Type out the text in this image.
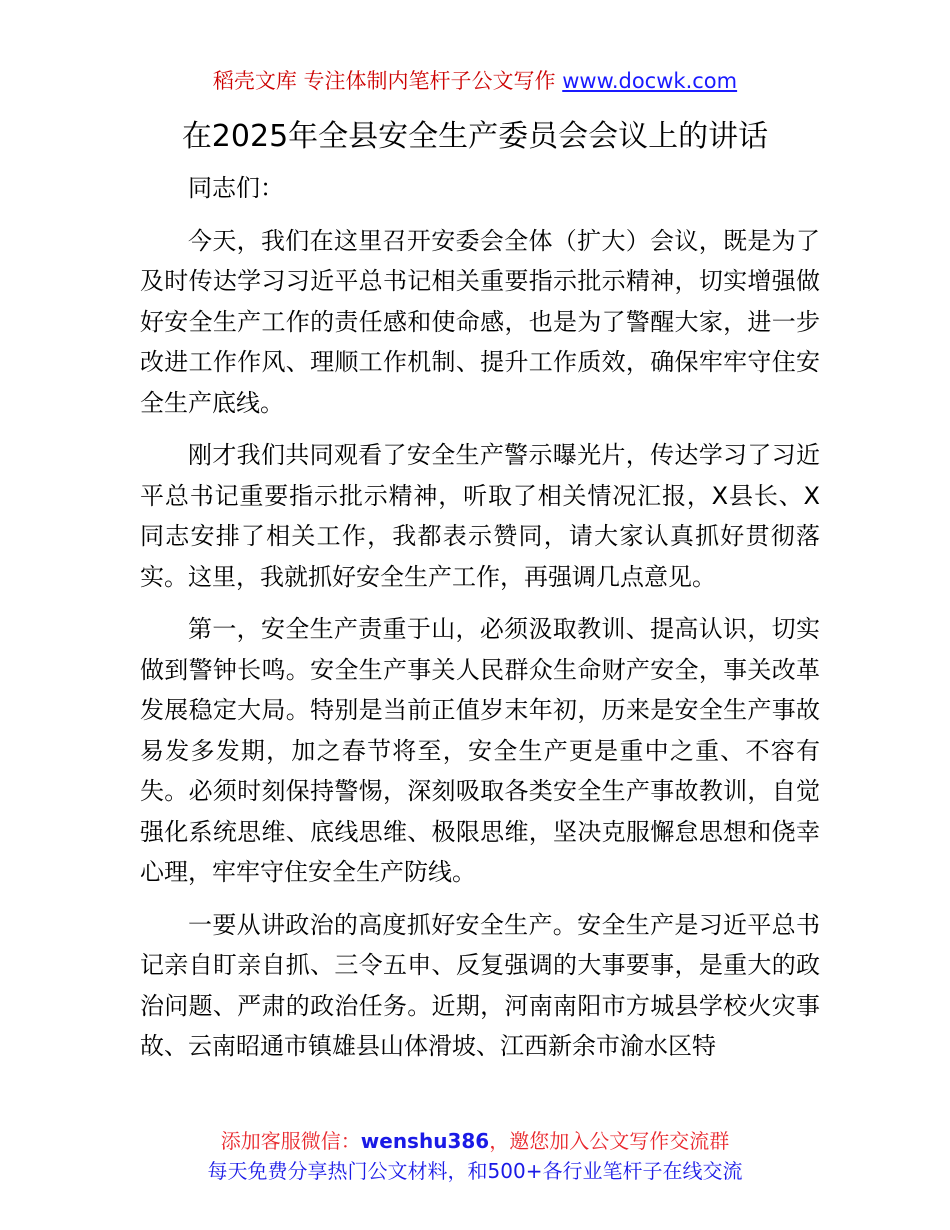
稻壳文库 专注体制内笔杆子公文写作 www.docwk.com
在2025年全县安全生产委员会会议上的讲话

同志们：

今天，我们在这里召开安委会全体（扩大）会议，既是为了及时传达学习习近平总书记相关重要指示批示精神，切实增强做好安全生产工作的责任感和使命感，也是为了警醒大家，进一步改进工作作风、理顺工作机制、提升工作质效，确保牢牢守住安全生产底线。

刚才我们共同观看了安全生产警示曝光片，传达学习了习近平总书记重要指示批示精神，听取了相关情况汇报，X县长、X同志安排了相关工作，我都表示赞同，请大家认真抓好贯彻落实。这里，我就抓好安全生产工作，再强调几点意见。

第一，安全生产责重于山，必须汲取教训、提高认识，切实做到警钟长鸣。安全生产事关人民群众生命财产安全，事关改革发展稳定大局。特别是当前正值岁末年初，历来是安全生产事故易发多发期，加之春节将至，安全生产更是重中之重、不容有失。必须时刻保持警惕，深刻吸取各类安全生产事故教训，自觉强化系统思维、底线思维、极限思维，坚决克服懈怠思想和侥幸心理，牢牢守住安全生产防线。

一要从讲政治的高度抓好安全生产。安全生产是习近平总书记亲自盯亲自抓、三令五申、反复强调的大事要事，是重大的政治问题、严肃的政治任务。近期，河南南阳市方城县学校火灾事故、云南昭通市镇雄县山体滑坡、江西新余市渝水区特

添加客服微信：wenshu386，邀您加入公文写作交流群
每天免费分享热门公文材料，和500+各行业笔杆子在线交流
